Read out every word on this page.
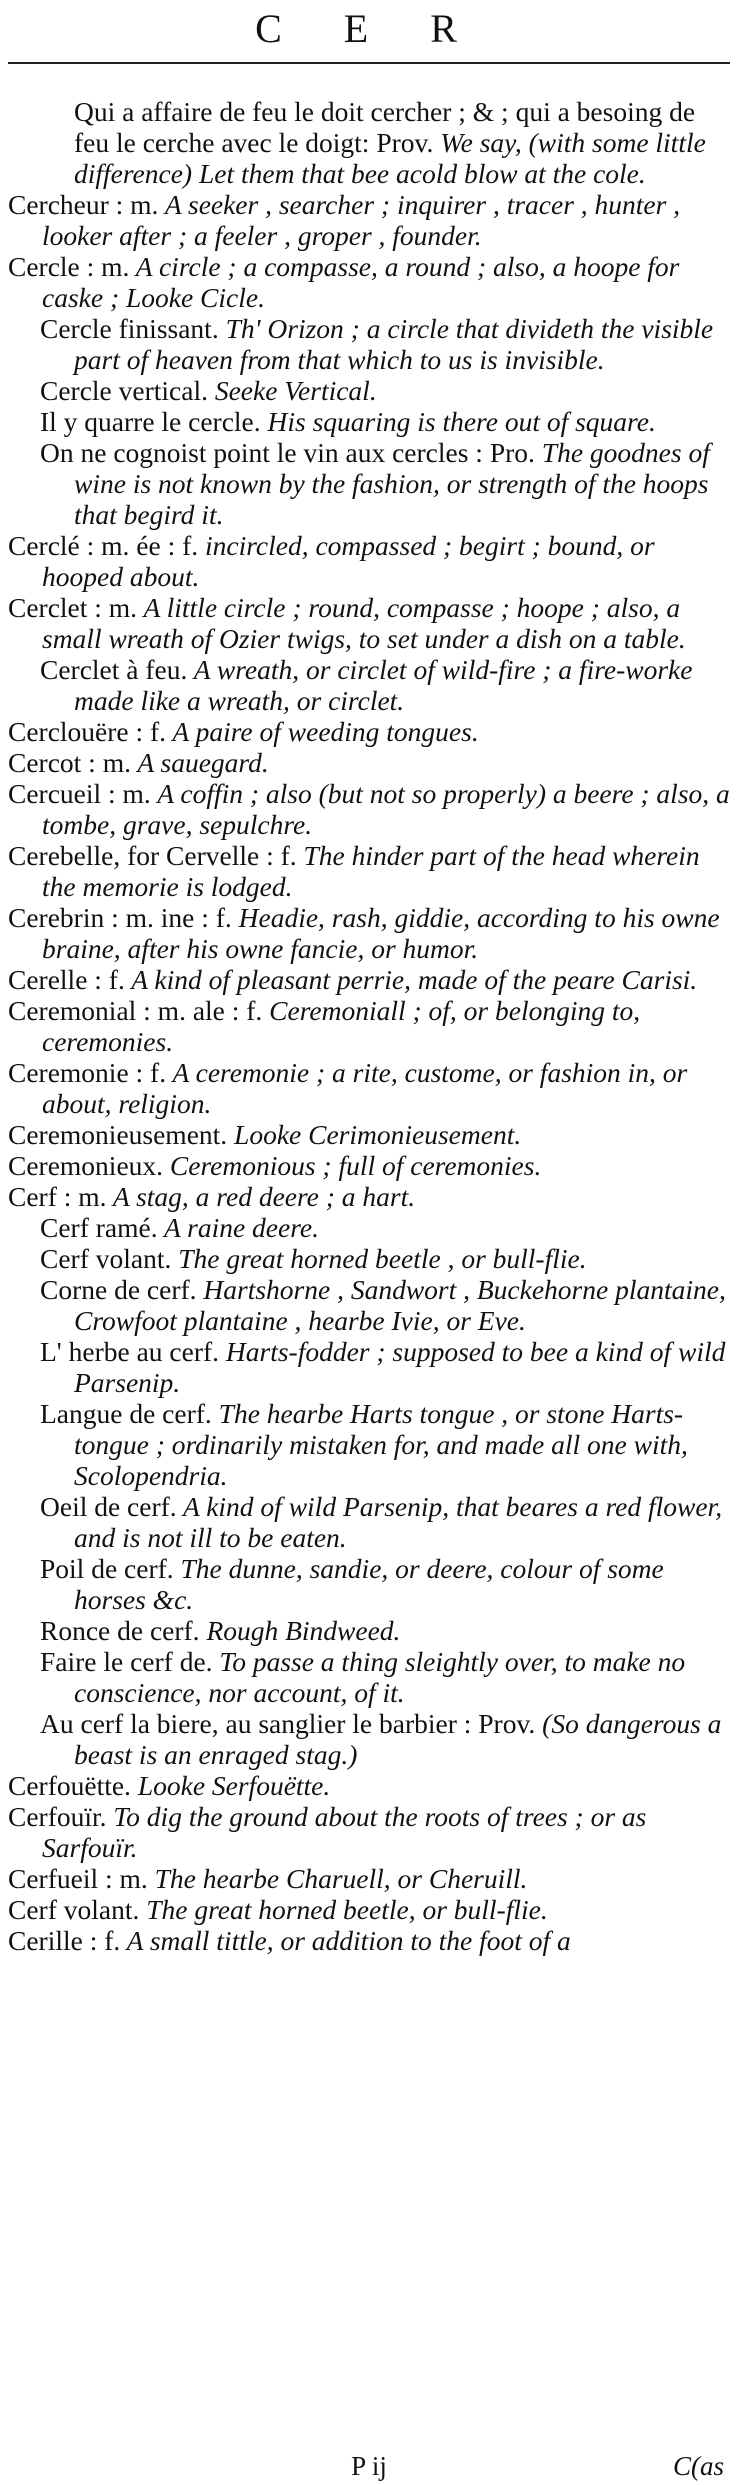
C E R

Qui a affaire de feu le doit cercher ; & ; qui a besoing de feu le cerche avec le doigt: Prov. We say, (with some little difference) Let them that bee acold blow at the cole.

Cercheur : m. A seeker , searcher ; inquirer , tracer , hunter , looker after ; a feeler , groper , founder.

Cercle : m. A circle ; a compasse, a round ; also, a hoope for caske ; Looke Cicle.

Cercle finissant. Th' Orizon ; a circle that divideth the visible part of heaven from that which to us is invisible.

Cercle vertical. Seeke Vertical.

Il y quarre le cercle. His squaring is there out of square.

On ne cognoist point le vin aux cercles : Pro. The goodnes of wine is not known by the fashion, or strength of the hoops that begird it.

Cerclé : m. ée : f. incircled, compassed ; begirt ; bound, or hooped about.

Cerclet : m. A little circle ; round, compasse ; hoope ; also, a small wreath of Ozier twigs, to set under a dish on a table.

Cerclet à feu. A wreath, or circlet of wild-fire ; a fire-worke made like a wreath, or circlet.

Cerclouëre : f. A paire of weeding tongues.

Cercot : m. A sauegard.

Cercueil : m. A coffin ; also (but not so properly) a beere ; also, a tombe, grave, sepulchre.

Cerebelle, for Cervelle : f. The hinder part of the head wherein the memorie is lodged.

Cerebrin : m. ine : f. Headie, rash, giddie, according to his owne braine, after his owne fancie, or humor.

Cerelle : f. A kind of pleasant perrie, made of the peare Carisi.

Ceremonial : m. ale : f. Ceremoniall ; of, or belonging to, ceremonies.

Ceremonie : f. A ceremonie ; a rite, custome, or fashion in, or about, religion.

Ceremonieusement. Looke Cerimonieusement.

Ceremonieux. Ceremonious ; full of ceremonies.

Cerf : m. A stag, a red deere ; a hart.

Cerf ramé. A raine deere.

Cerf volant. The great horned beetle , or bull-flie.

Corne de cerf. Hartshorne , Sandwort , Buckehorne plantaine, Crowfoot plantaine , hearbe Ivie, or Eve.

L' herbe au cerf. Harts-fodder ; supposed to bee a kind of wild Parsenip.

Langue de cerf. The hearbe Harts tongue , or stone Harts-tongue ; ordinarily mistaken for, and made all one with, Scolopendria.

Oeil de cerf. A kind of wild Parsenip, that beares a red flower, and is not ill to be eaten.

Poil de cerf. The dunne, sandie, or deere, colour of some horses &c.

Ronce de cerf. Rough Bindweed.

Faire le cerf de. To passe a thing sleightly over, to make no conscience, nor account, of it.

Au cerf la biere, au sanglier le barbier : Prov. (So dangerous a beast is an enraged stag.)

Cerfouëtte. Looke Serfouëtte.

Cerfouïr. To dig the ground about the roots of trees ; or as Sarfouïr.

Cerfueil : m. The hearbe Charuell, or Cheruill.

Cerf volant. The great horned beetle, or bull-flie.

Cerille : f. A small tittle, or addition to the foot of a

P ij	C(as
